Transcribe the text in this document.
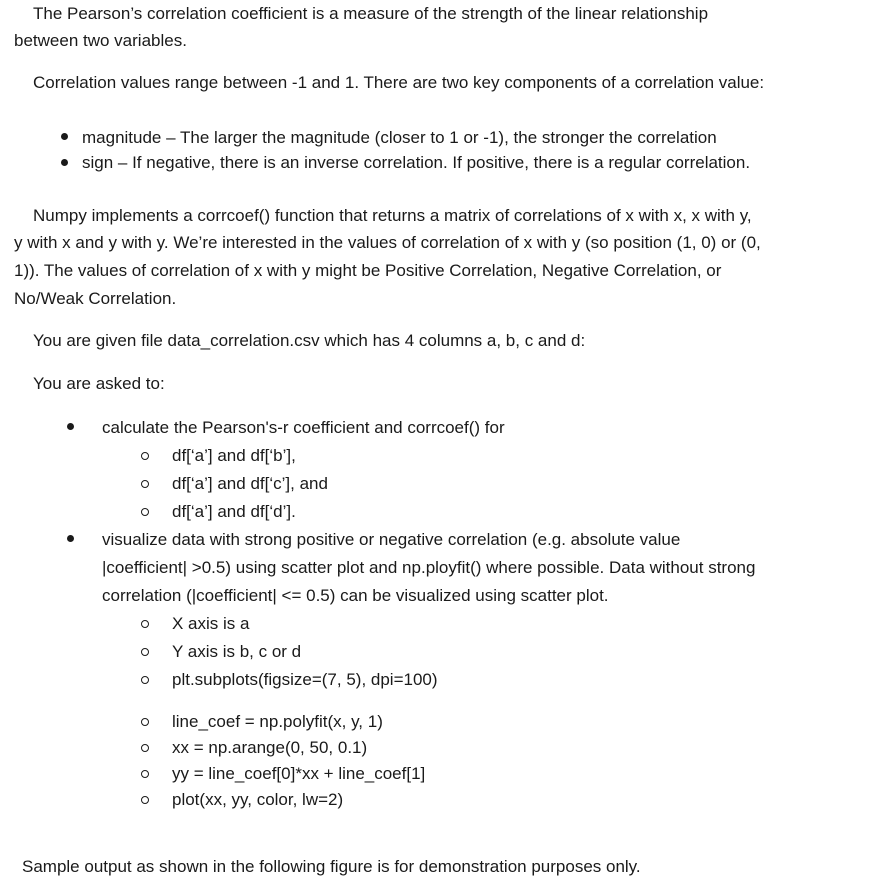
The Pearson’s correlation coefficient is a measure of the strength of the linear relationship
between two variables.
Correlation values range between -1 and 1. There are two key components of a correlation value:
magnitude – The larger the magnitude (closer to 1 or -1), the stronger the correlation
sign – If negative, there is an inverse correlation. If positive, there is a regular correlation.
Numpy implements a corrcoef() function that returns a matrix of correlations of x with x, x with y,
y with x and y with y. We’re interested in the values of correlation of x with y (so position (1, 0) or (0,
1)). The values of correlation of x with y might be Positive Correlation, Negative Correlation, or
No/Weak Correlation.
You are given file data_correlation.csv which has 4 columns a, b, c and d:
You are asked to:
calculate the Pearson's-r coefficient and corrcoef() for
df[‘a’] and df[‘b’],
df[‘a’] and df[‘c’], and
df[‘a’] and df[‘d’].
visualize data with strong positive or negative correlation (e.g. absolute value
|coefficient| >0.5) using scatter plot and np.ployfit() where possible. Data without strong
correlation (|coefficient| <= 0.5) can be visualized using scatter plot.
X axis is a
Y axis is b, c or d
plt.subplots(figsize=(7, 5), dpi=100)
line_coef = np.polyfit(x, y, 1)
xx = np.arange(0, 50, 0.1)
yy = line_coef[0]*xx + line_coef[1]
plot(xx, yy, color, lw=2)
Sample output as shown in the following figure is for demonstration purposes only.
